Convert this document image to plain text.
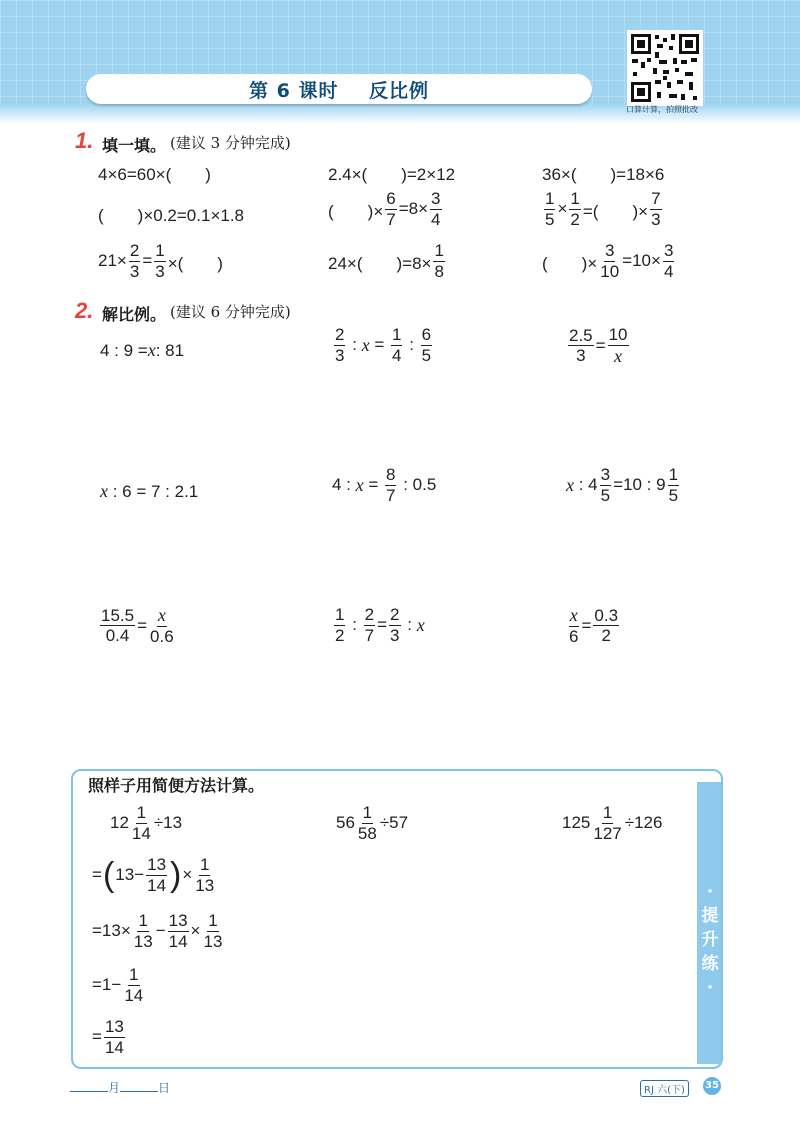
第 6 课时    反比例
口算计算，拍照批改
1. 填一填。 (建议 3 分钟完成)
4×6=60×(　　)	2.4×(　　)=2×12	36×(　　)=18×6
(　　)×0.2=0.1×1.8	(　　)× $\frac{6}{7} =8\times \frac{3}{4}$	$\frac{1}{5} \times \frac{1}{2}$ =(　　)× $\frac{7}{3}$
$21\times \frac{2}{3} = \frac{1}{3}$ ×(　　)	24×(　　)$=8\times \frac{1}{8}$	(　　)× $\frac{3}{10} =10\times \frac{3}{4}$
2. 解比例。 (建议 6 分钟完成)
4 : 9 = x : 81	$\frac{2}{3}$ : $x = \frac{1}{4}$ : $\frac{6}{5}$	$\frac{2.5}{3} = \frac{10}{x}$
x : 6 = 7 : 2.1	4 : $x = \frac{8}{7}$ : 0.5	x : $4 \frac{3}{5} =10$ : $9 \frac{1}{5}$
$\frac{15.5}{0.4} = \frac{x}{0.6}$	$\frac{1}{2}$ : $\frac{2}{7} = \frac{2}{3}$ : x	$\frac{x}{6} = \frac{0.3}{2}$
· 提 升 练 ·
照样子用简便方法计算。
$12 \frac{1}{14} \div 13$	$56 \frac{1}{58} \div 57$	$125 \frac{1}{127} \div 126$
= ( $13- \frac{13}{14}$ ) × $\frac{1}{13}$
$=13\times \frac{1}{13} - \frac{13}{14} \times \frac{1}{13}$
$=1- \frac{1}{14}$
= $\frac{13}{14}$
月	日	RJ 六(下)	35
